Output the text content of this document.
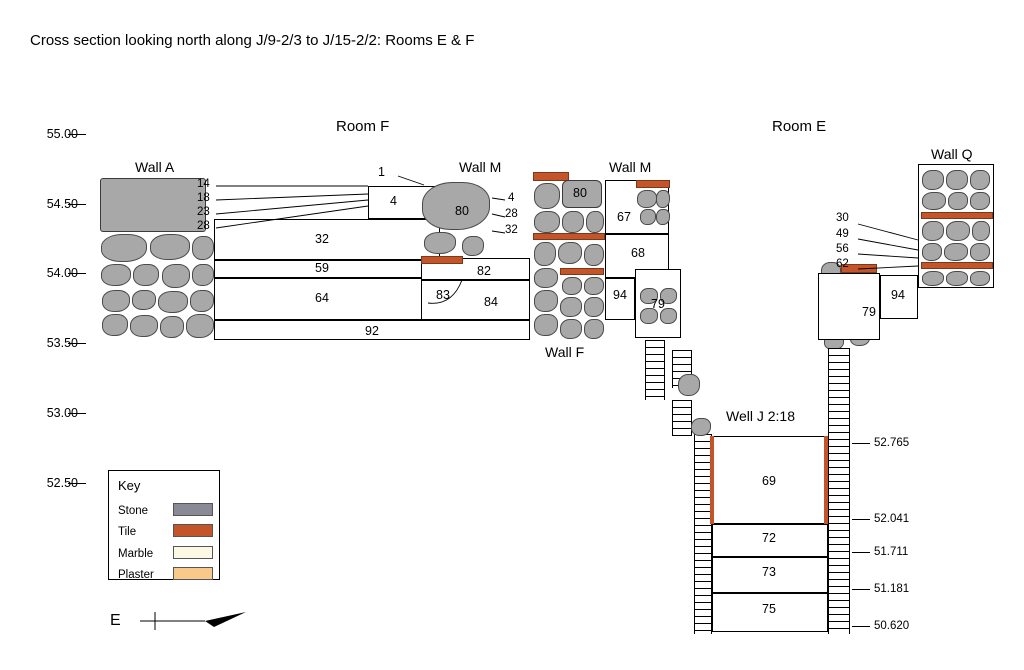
Cross section looking north along J/9-2/3 to J/15-2/2: Rooms E & F
55.00
54.50
54.00
53.50
53.00
52.50
Room F	Room E
Wall A	Wall M	Wall M
Wall Q
Wall F
Well J 2:18
52.765
52.041
51.711
51.181
50.620
14
18
23
28
1
4
32
59
64
92
80
4
28
32
82
83	84
80
67
68
94
79
30
49
56
62
94
79
69
72
73
75
Key
Stone
Tile
Marble
Plaster
E
